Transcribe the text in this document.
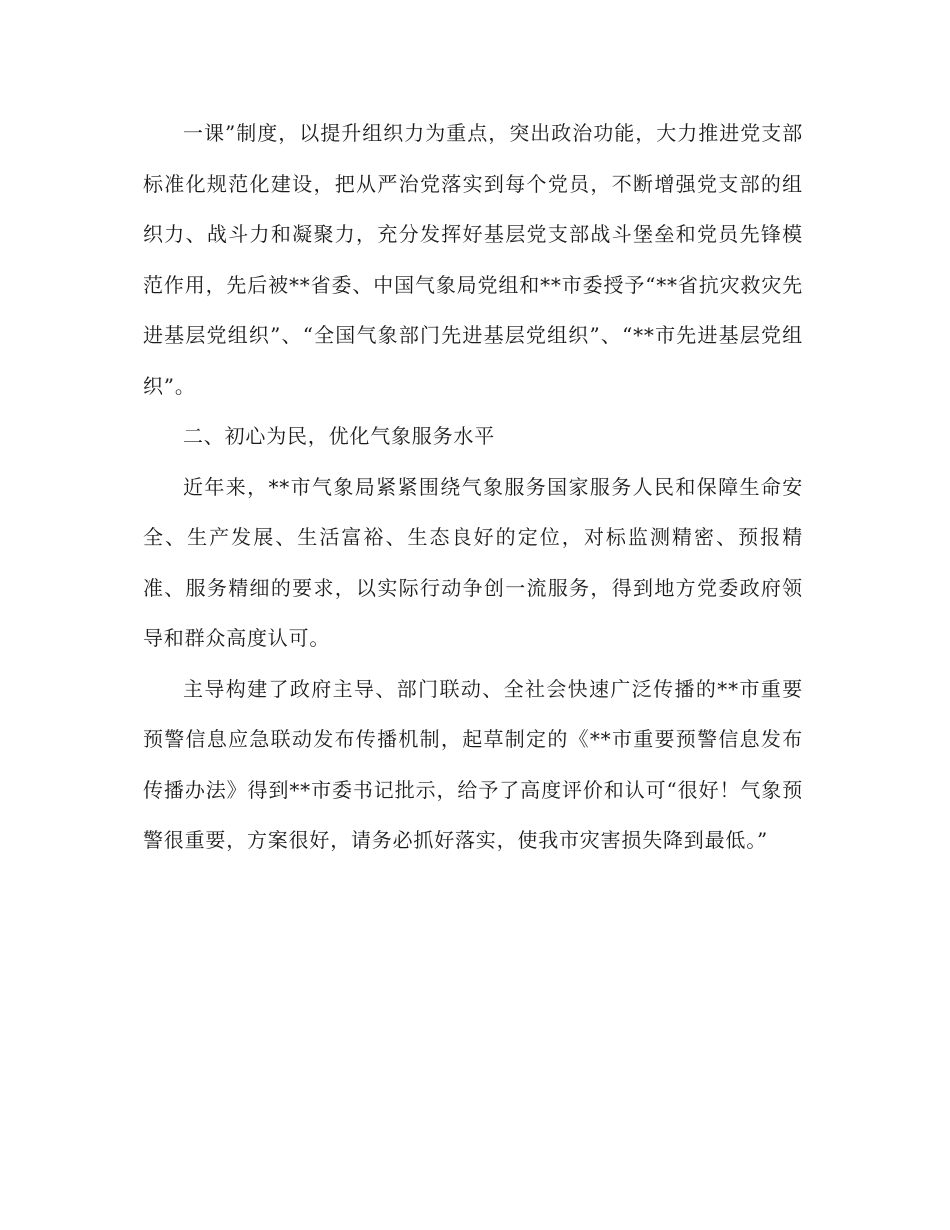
一课”制度，以提升组织力为重点，突出政治功能，大力推进党支部标准化规范化建设，把从严治党落实到每个党员，不断增强党支部的组织力、战斗力和凝聚力，充分发挥好基层党支部战斗堡垒和党员先锋模范作用，先后被**省委、中国气象局党组和**市委授予“**省抗灾救灾先进基层党组织”、“全国气象部门先进基层党组织”、“**市先进基层党组织”。

二、初心为民，优化气象服务水平

近年来，**市气象局紧紧围绕气象服务国家服务人民和保障生命安全、生产发展、生活富裕、生态良好的定位，对标监测精密、预报精准、服务精细的要求，以实际行动争创一流服务，得到地方党委政府领导和群众高度认可。

主导构建了政府主导、部门联动、全社会快速广泛传播的**市重要预警信息应急联动发布传播机制，起草制定的《**市重要预警信息发布传播办法》得到**市委书记批示，给予了高度评价和认可“很好！气象预警很重要，方案很好，请务必抓好落实，使我市灾害损失降到最低。”
